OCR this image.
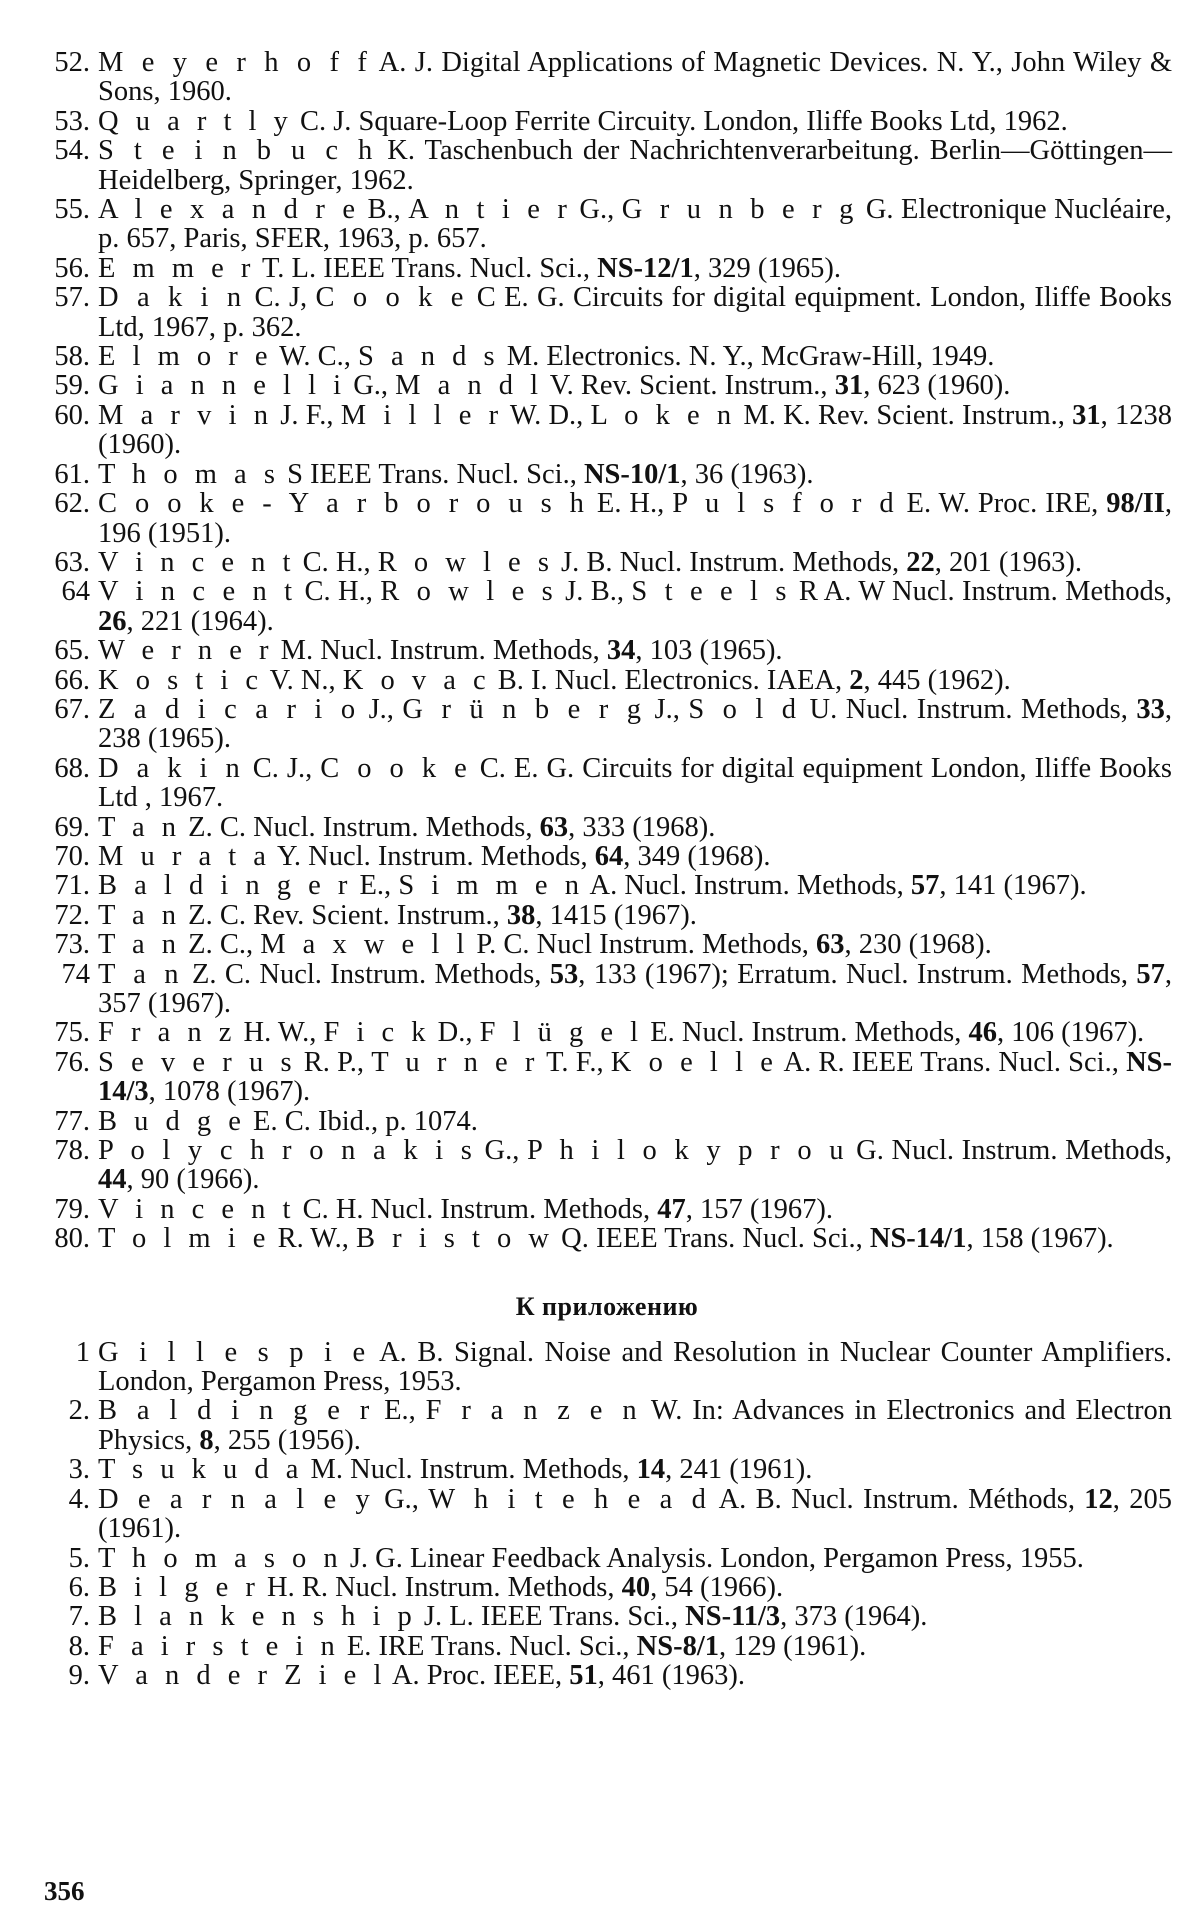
52. M e y e r h o f f A. J. Digital Applications of Magnetic Devices. N. Y., John Wiley & Sons, 1960.
53. Q u a r t l y C. J. Square-Loop Ferrite Circuity. London, Iliffe Books Ltd, 1962.
54. S t e i n b u c h K. Taschenbuch der Nachrichtenverarbeitung. Berlin—Göttingen—Heidelberg, Springer, 1962.
55. A l e x a n d r e B., A n t i e r G., G r u n b e r g G. Electronique Nucléaire, p. 657, Paris, SFER, 1963, p. 657.
56. E m m e r T. L. IEEE Trans. Nucl. Sci., NS-12/1, 329 (1965).
57. D a k i n C. J, C o o k e C E. G. Circuits for digital equipment. London, Iliffe Books Ltd, 1967, p. 362.
58. E l m o r e W. C., S a n d s M. Electronics. N. Y., McGraw-Hill, 1949.
59. G i a n n e l l i G., M a n d l V. Rev. Scient. Instrum., 31, 623 (1960).
60. M a r v i n J. F., M i l l e r W. D., L o k e n M. K. Rev. Scient. Instrum., 31, 1238 (1960).
61. T h o m a s S IEEE Trans. Nucl. Sci., NS-10/1, 36 (1963).
62. C o o k e - Y a r b o r o u s h E. H., P u l s f o r d E. W. Proc. IRE, 98/II, 196 (1951).
63. V i n c e n t C. H., R o w l e s J. B. Nucl. Instrum. Methods, 22, 201 (1963).
64 V i n c e n t C. H., R o w l e s J. B., S t e e l s R A. W Nucl. Instrum. Methods, 26, 221 (1964).
65. W e r n e r M. Nucl. Instrum. Methods, 34, 103 (1965).
66. K o s t i c V. N., K o v a c B. I. Nucl. Electronics. IAEA, 2, 445 (1962).
67. Z a d i c a r i o J., G r ü n b e r g J., S o l d U. Nucl. Instrum. Methods, 33, 238 (1965).
68. D a k i n C. J., C o o k e C. E. G. Circuits for digital equipment London, Iliffe Books Ltd , 1967.
69. T a n Z. C. Nucl. Instrum. Methods, 63, 333 (1968).
70. M u r a t a Y. Nucl. Instrum. Methods, 64, 349 (1968).
71. B a l d i n g e r E., S i m m e n A. Nucl. Instrum. Methods, 57, 141 (1967).
72. T a n Z. C. Rev. Scient. Instrum., 38, 1415 (1967).
73. T a n Z. C., M a x w e l l P. C. Nucl Instrum. Methods, 63, 230 (1968).
74 T a n Z. C. Nucl. Instrum. Methods, 53, 133 (1967); Erratum. Nucl. Instrum. Methods, 57, 357 (1967).
75. F r a n z H. W., F i c k D., F l ü g e l E. Nucl. Instrum. Methods, 46, 106 (1967).
76. S e v e r u s R. P., T u r n e r T. F., K o e l l e A. R. IEEE Trans. Nucl. Sci., NS-14/3, 1078 (1967).
77. B u d g e E. C. Ibid., p. 1074.
78. P o l y c h r o n a k i s G., P h i l o k y p r o u G. Nucl. Instrum. Methods, 44, 90 (1966).
79. V i n c e n t C. H. Nucl. Instrum. Methods, 47, 157 (1967).
80. T o l m i e R. W., B r i s t o w Q. IEEE Trans. Nucl. Sci., NS-14/1, 158 (1967).
К приложению
1 G i l l e s p i e A. B. Signal. Noise and Resolution in Nuclear Counter Amplifiers. London, Pergamon Press, 1953.
2. B a l d i n g e r E., F r a n z e n W. In: Advances in Electronics and Electron Physics, 8, 255 (1956).
3. T s u k u d a M. Nucl. Instrum. Methods, 14, 241 (1961).
4. D e a r n a l e y G., W h i t e h e a d A. B. Nucl. Instrum. Méthods, 12, 205 (1961).
5. T h o m a s o n J. G. Linear Feedback Analysis. London, Pergamon Press, 1955.
6. B i l g e r H. R. Nucl. Instrum. Methods, 40, 54 (1966).
7. B l a n k e n s h i p J. L. IEEE Trans. Sci., NS-11/3, 373 (1964).
8. F a i r s t e i n E. IRE Trans. Nucl. Sci., NS-8/1, 129 (1961).
9. V a n d e r Z i e l A. Proc. IEEE, 51, 461 (1963).
356
